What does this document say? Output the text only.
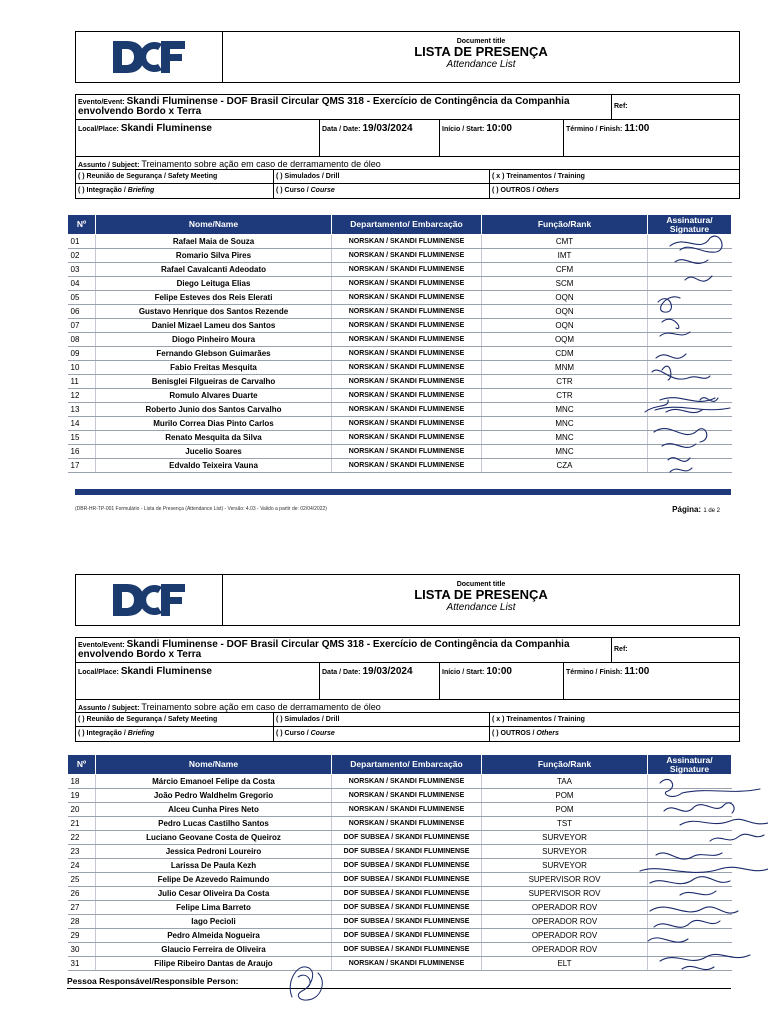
Document title
LISTA DE PRESENÇA
Attendance List
Evento/Event: Skandi Fluminense - DOF Brasil Circular QMS 318 - Exercício de Contingência da Companhia envolvendo Bordo x Terra	Ref:
Local/Place: Skandi Fluminense	Data / Date: 19/03/2024	Início / Start: 10:00	Término / Finish: 11:00
Assunto / Subject: Treinamento sobre ação em caso de derramamento de óleo
( ) Reunião de Segurança / Safety Meeting	( ) Simulados / Drill	( x ) Treinamentos / Training
( ) Integração / Briefing	( ) Curso / Course	( ) OUTROS / Others
Nº	Nome/Name	Departamento/ Embarcação	Função/Rank	Assinatura/ Signature
01	Rafael Maia de Souza	NORSKAN / SKANDI FLUMINENSE	CMT	
02	Romario Silva Pires	NORSKAN / SKANDI FLUMINENSE	IMT	
03	Rafael Cavalcanti Adeodato	NORSKAN / SKANDI FLUMINENSE	CFM	
04	Diego Leituga Elias	NORSKAN / SKANDI FLUMINENSE	SCM	
05	Felipe Esteves dos Reis Elerati	NORSKAN / SKANDI FLUMINENSE	OQN	
06	Gustavo Henrique dos Santos Rezende	NORSKAN / SKANDI FLUMINENSE	OQN	
07	Daniel Mizael Lameu dos Santos	NORSKAN / SKANDI FLUMINENSE	OQN	
08	Diogo Pinheiro Moura	NORSKAN / SKANDI FLUMINENSE	OQM	
09	Fernando Glebson Guimarães	NORSKAN / SKANDI FLUMINENSE	CDM	
10	Fabio Freitas Mesquita	NORSKAN / SKANDI FLUMINENSE	MNM	
11	Benisglei Filgueiras de Carvalho	NORSKAN / SKANDI FLUMINENSE	CTR	
12	Romulo Alvares Duarte	NORSKAN / SKANDI FLUMINENSE	CTR	
13	Roberto Junio dos Santos Carvalho	NORSKAN / SKANDI FLUMINENSE	MNC	
14	Murilo Correa Dias Pinto Carlos	NORSKAN / SKANDI FLUMINENSE	MNC	
15	Renato Mesquita da Silva	NORSKAN / SKANDI FLUMINENSE	MNC	
16	Jucelio Soares	NORSKAN / SKANDI FLUMINENSE	MNC	
17	Edvaldo Teixeira Vauna	NORSKAN / SKANDI FLUMINENSE	CZA	
(DBR-HR-TP-001 Formulário - Lista de Presença (Attendance List) - Versão: 4.03 - Valido a partir de: 02/04/2022)	Página: 1 de 2
Document title
LISTA DE PRESENÇA
Attendance List
Evento/Event: Skandi Fluminense - DOF Brasil Circular QMS 318 - Exercício de Contingência da Companhia envolvendo Bordo x Terra	Ref:
Local/Place: Skandi Fluminense	Data / Date: 19/03/2024	Início / Start: 10:00	Término / Finish: 11:00
Assunto / Subject: Treinamento sobre ação em caso de derramamento de óleo
( ) Reunião de Segurança / Safety Meeting	( ) Simulados / Drill	( x ) Treinamentos / Training
( ) Integração / Briefing	( ) Curso / Course	( ) OUTROS / Others
Nº	Nome/Name	Departamento/ Embarcação	Função/Rank	Assinatura/ Signature
18	Márcio Emanoel Felipe da Costa	NORSKAN / SKANDI FLUMINENSE	TAA	
19	João Pedro Waldhelm Gregorio	NORSKAN / SKANDI FLUMINENSE	POM	
20	Alceu Cunha Pires Neto	NORSKAN / SKANDI FLUMINENSE	POM	
21	Pedro Lucas Castilho Santos	NORSKAN / SKANDI FLUMINENSE	TST	
22	Luciano Geovane Costa de Queiroz	DOF SUBSEA / SKANDI FLUMINENSE	SURVEYOR	
23	Jessica Pedroni Loureiro	DOF SUBSEA / SKANDI FLUMINENSE	SURVEYOR	
24	Larissa De Paula Kezh	DOF SUBSEA / SKANDI FLUMINENSE	SURVEYOR	
25	Felipe De Azevedo Raimundo	DOF SUBSEA / SKANDI FLUMINENSE	SUPERVISOR ROV	
26	Julio Cesar Oliveira Da Costa	DOF SUBSEA / SKANDI FLUMINENSE	SUPERVISOR ROV	
27	Felipe Lima Barreto	DOF SUBSEA / SKANDI FLUMINENSE	OPERADOR ROV	
28	Iago Pecioli	DOF SUBSEA / SKANDI FLUMINENSE	OPERADOR ROV	
29	Pedro Almeida Nogueira	DOF SUBSEA / SKANDI FLUMINENSE	OPERADOR ROV	
30	Glaucio Ferreira de Oliveira	DOF SUBSEA / SKANDI FLUMINENSE	OPERADOR ROV	
31	Filipe Ribeiro Dantas de Araujo	NORSKAN / SKANDI FLUMINENSE	ELT	
Pessoa Responsável/Responsible Person:
